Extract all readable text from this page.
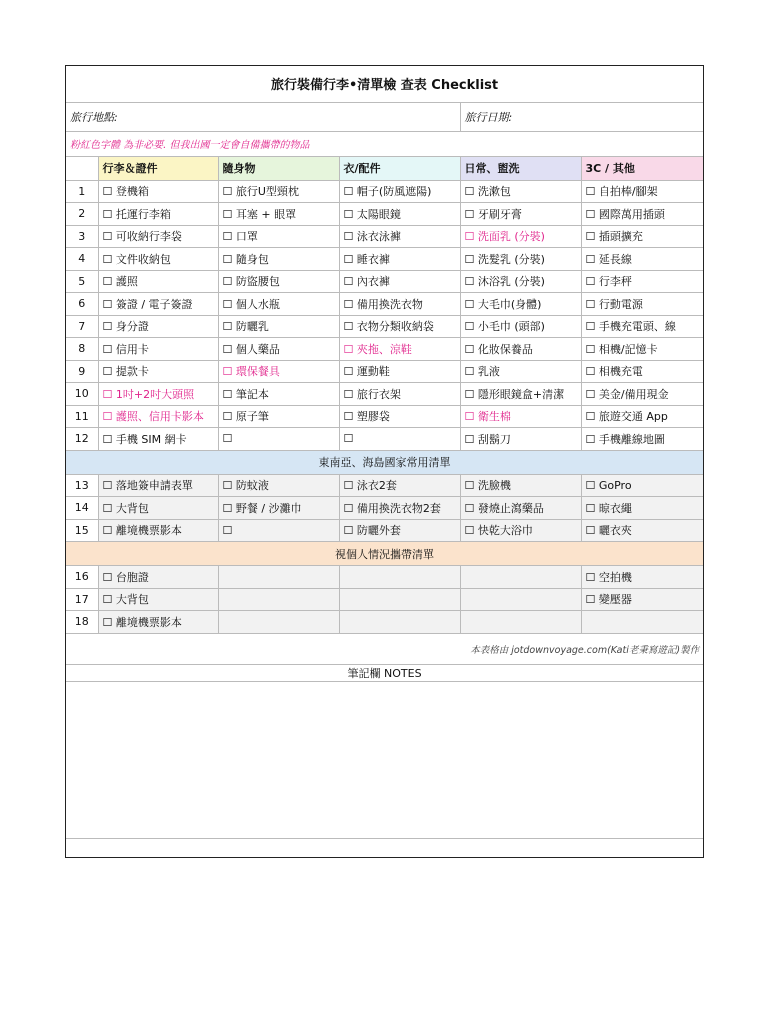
旅行裝備行李•清單檢 查表 Checklist					
旅行地點:				旅行日期:	
粉紅色字體 為非必要. 但我出國一定會自備攜帶的物品					
	行李＆證件	隨身物	衣/配件	日常、盥洗	3C / 其他
1	☐ 登機箱	☐ 旅行U型頸枕	☐ 帽子(防風遮陽)	☐ 洗漱包	☐ 自拍棒/腳架
2	☐ 托運行李箱	☐ 耳塞 + 眼罩	☐ 太陽眼鏡	☐ 牙刷牙膏	☐ 國際萬用插頭
3	☐ 可收納行李袋	☐ 口罩	☐ 泳衣泳褲	☐ 洗面乳 (分裝)	☐ 插頭擴充
4	☐ 文件收納包	☐ 隨身包	☐ 睡衣褲	☐ 洗髮乳 (分裝)	☐ 延長線
5	☐ 護照	☐ 防盜腰包	☐ 內衣褲	☐ 沐浴乳 (分裝)	☐ 行李秤
6	☐ 簽證 / 電子簽證	☐ 個人水瓶	☐ 備用換洗衣物	☐ 大毛巾(身體)	☐ 行動電源
7	☐ 身分證	☐ 防曬乳	☐ 衣物分類收納袋	☐ 小毛巾 (頭部)	☐ 手機充電頭、線
8	☐ 信用卡	☐ 個人藥品	☐ 夾拖、涼鞋	☐ 化妝保養品	☐ 相機/記憶卡
9	☐ 提款卡	☐ 環保餐具	☐ 運動鞋	☐ 乳液	☐ 相機充電
10	☐ 1吋+2吋大頭照	☐ 筆記本	☐ 旅行衣架	☐ 隱形眼鏡盒+清潔	☐ 美金/備用現金
11	☐ 護照、信用卡影本	☐ 原子筆	☐ 塑膠袋	☐ 衛生棉	☐ 旅遊交通 App
12	☐ 手機 SIM 網卡	☐	☐	☐ 刮鬍刀	☐ 手機離線地圖
東南亞、海島國家常用清單					
13	☐ 落地簽申請表單	☐ 防蚊液	☐ 泳衣2套	☐ 洗臉機	☐ GoPro
14	☐ 大背包	☐ 野餐 / 沙灘巾	☐ 備用換洗衣物2套	☐ 發燒止瀉藥品	☐ 晾衣繩
15	☐ 離境機票影本	☐	☐ 防曬外套	☐ 快乾大浴巾	☐ 曬衣夾
視個人情況攜帶清單					
16	☐ 台胞證				☐ 空拍機
17	☐ 大背包				☐ 變壓器
18	☐ 離境機票影本				
本表格由 jotdownvoyage.com(Kati老秉寫遊記)製作					
筆記欄 NOTES					
